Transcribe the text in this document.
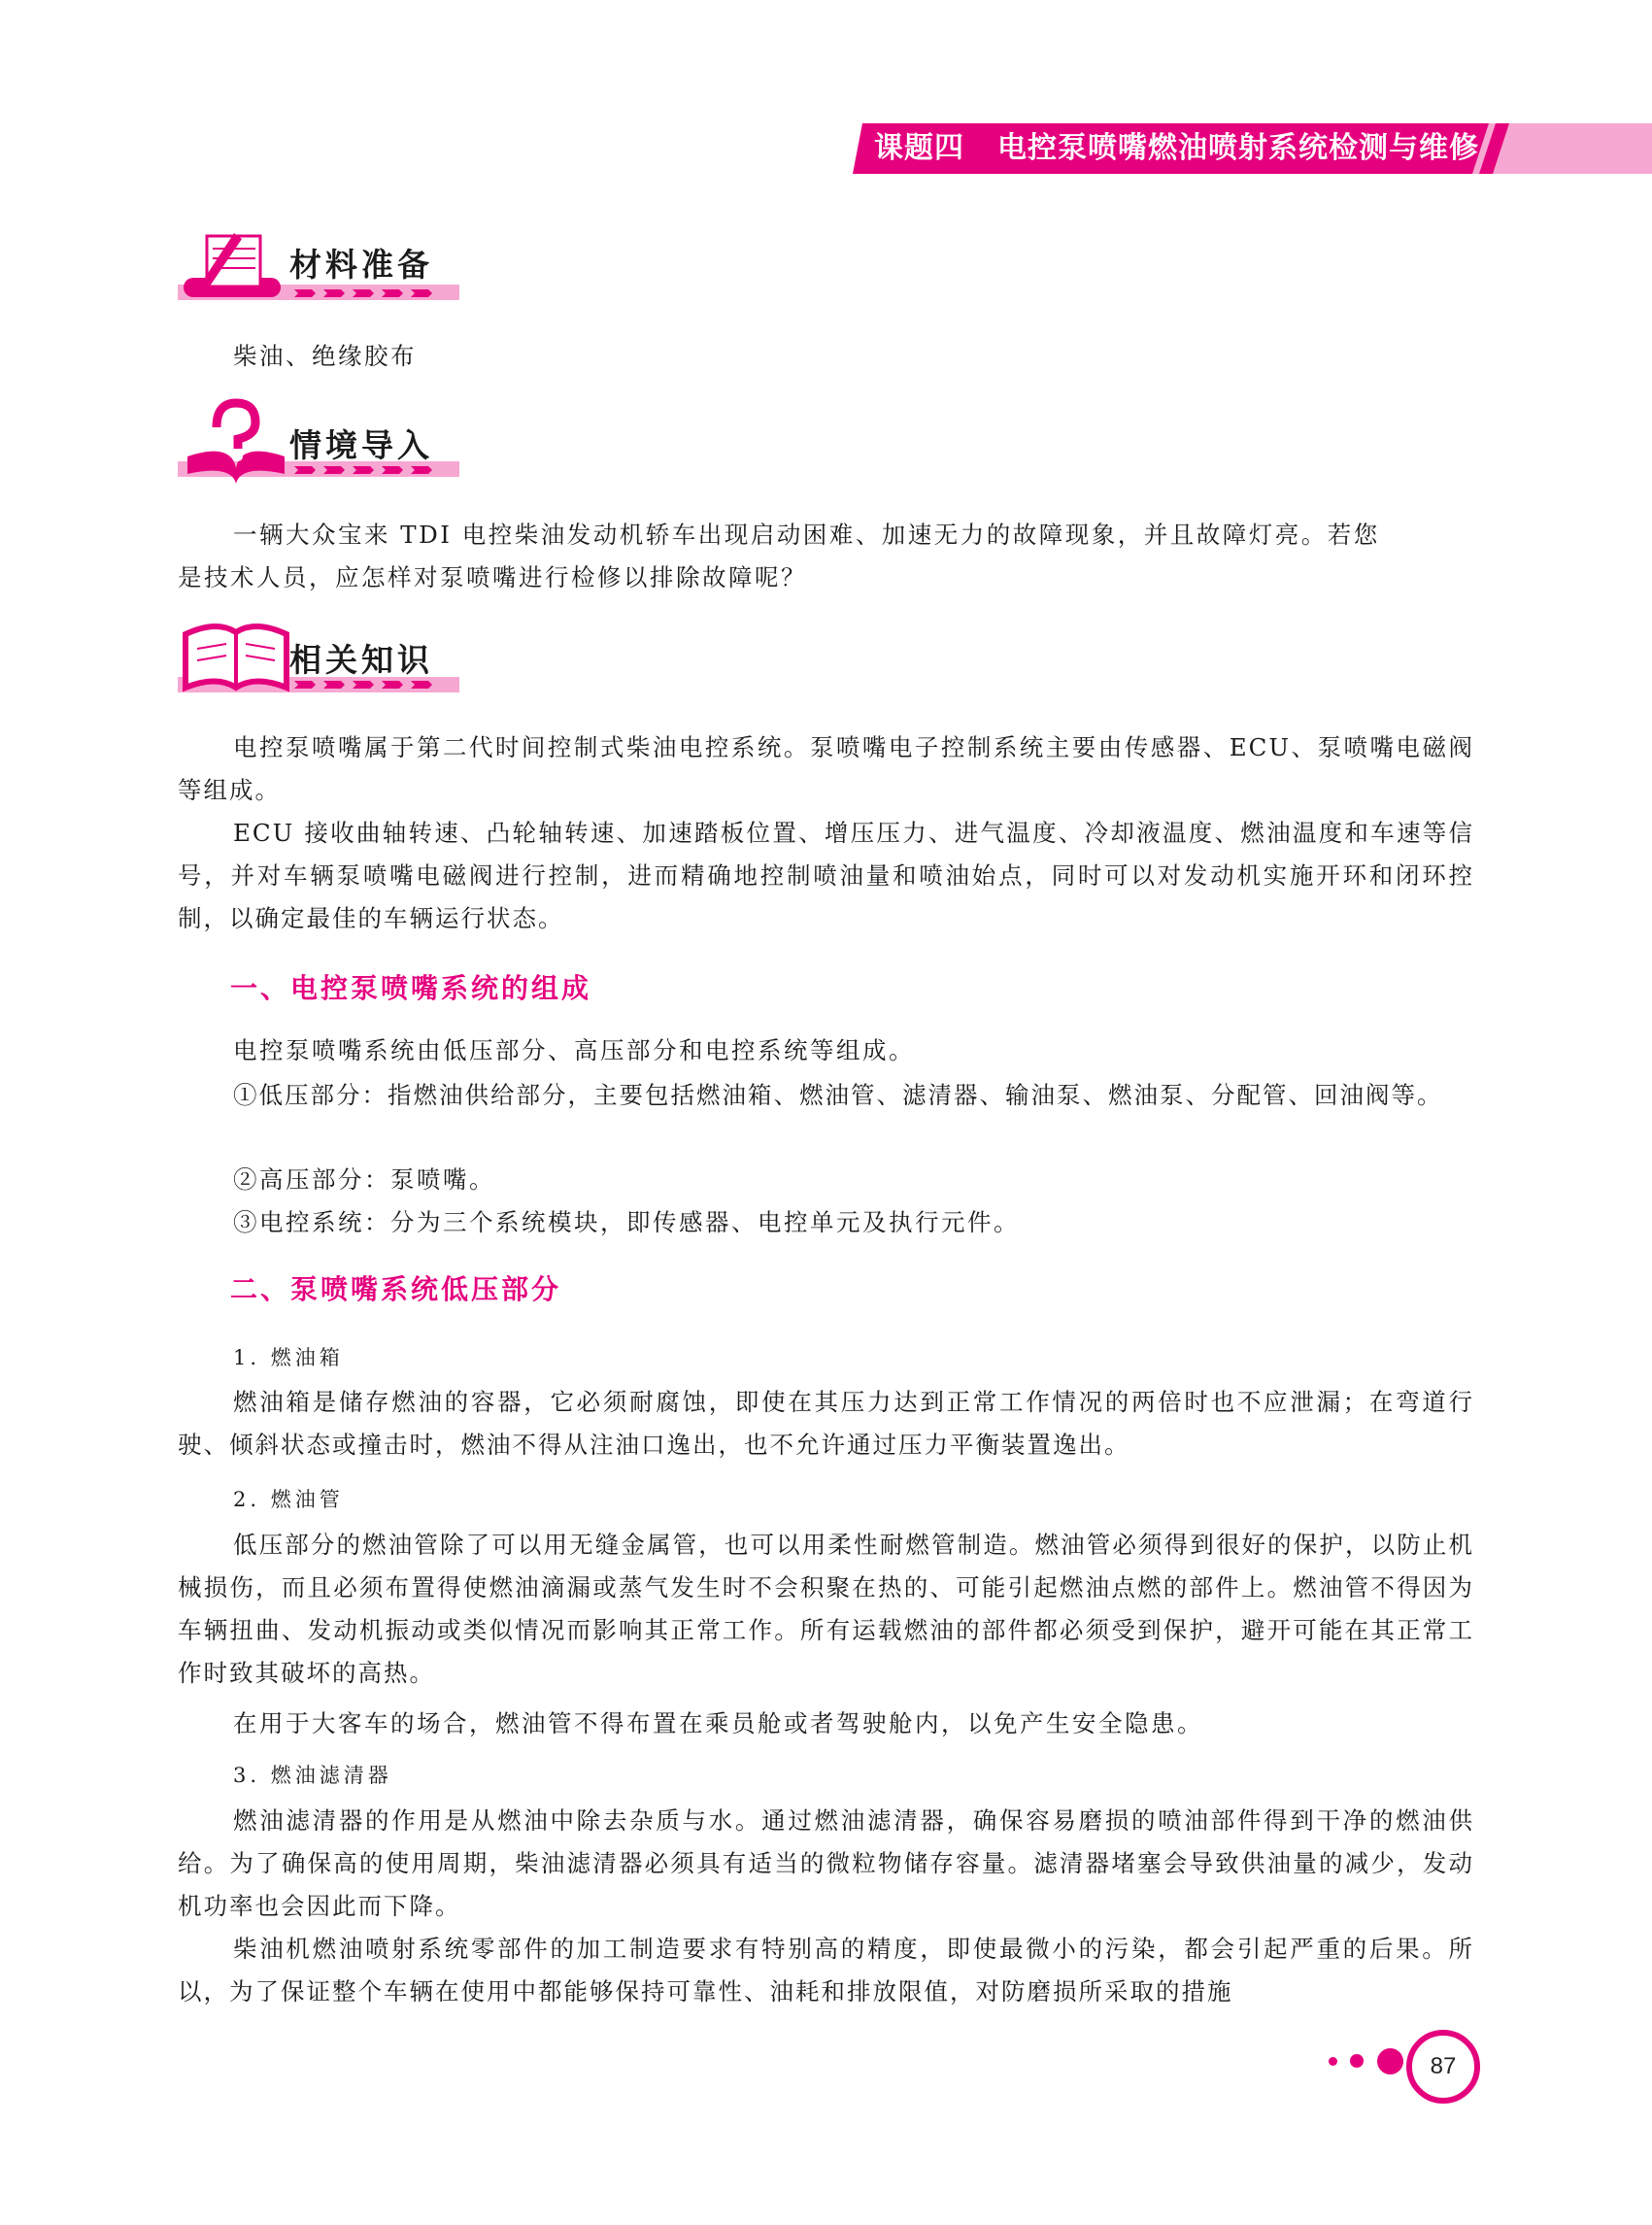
课题四 电控泵喷嘴燃油喷射系统检测与维修
材料准备
柴油、绝缘胶布
情境导入
一辆大众宝来 TDI 电控柴油发动机轿车出现启动困难、加速无力的故障现象，并且故障灯亮。若您
是技术人员，应怎样对泵喷嘴进行检修以排除故障呢？
相关知识
电控泵喷嘴属于第二代时间控制式柴油电控系统。泵喷嘴电子控制系统主要由传感器、ECU、泵喷嘴电磁阀等组成。
ECU 接收曲轴转速、凸轮轴转速、加速踏板位置、增压压力、进气温度、冷却液温度、燃油温度和车速等信号，并对车辆泵喷嘴电磁阀进行控制，进而精确地控制喷油量和喷油始点，同时可以对发动机实施开环和闭环控制，以确定最佳的车辆运行状态。
一、电控泵喷嘴系统的组成
电控泵喷嘴系统由低压部分、高压部分和电控系统等组成。
①低压部分：指燃油供给部分，主要包括燃油箱、燃油管、滤清器、输油泵、燃油泵、分配管、回油阀等。
②高压部分：泵喷嘴。
③电控系统：分为三个系统模块，即传感器、电控单元及执行元件。
二、泵喷嘴系统低压部分
1. 燃油箱
燃油箱是储存燃油的容器，它必须耐腐蚀，即使在其压力达到正常工作情况的两倍时也不应泄漏；在弯道行驶、倾斜状态或撞击时，燃油不得从注油口逸出，也不允许通过压力平衡装置逸出。
2. 燃油管
低压部分的燃油管除了可以用无缝金属管，也可以用柔性耐燃管制造。燃油管必须得到很好的保护，以防止机械损伤，而且必须布置得使燃油滴漏或蒸气发生时不会积聚在热的、可能引起燃油点燃的部件上。燃油管不得因为车辆扭曲、发动机振动或类似情况而影响其正常工作。所有运载燃油的部件都必须受到保护，避开可能在其正常工作时致其破坏的高热。
在用于大客车的场合，燃油管不得布置在乘员舱或者驾驶舱内，以免产生安全隐患。
3. 燃油滤清器
燃油滤清器的作用是从燃油中除去杂质与水。通过燃油滤清器，确保容易磨损的喷油部件得到干净的燃油供给。为了确保高的使用周期，柴油滤清器必须具有适当的微粒物储存容量。滤清器堵塞会导致供油量的减少，发动机功率也会因此而下降。
柴油机燃油喷射系统零部件的加工制造要求有特别高的精度，即使最微小的污染，都会引起严重的后果。所以，为了保证整个车辆在使用中都能够保持可靠性、油耗和排放限值，对防磨损所采取的措施
87
